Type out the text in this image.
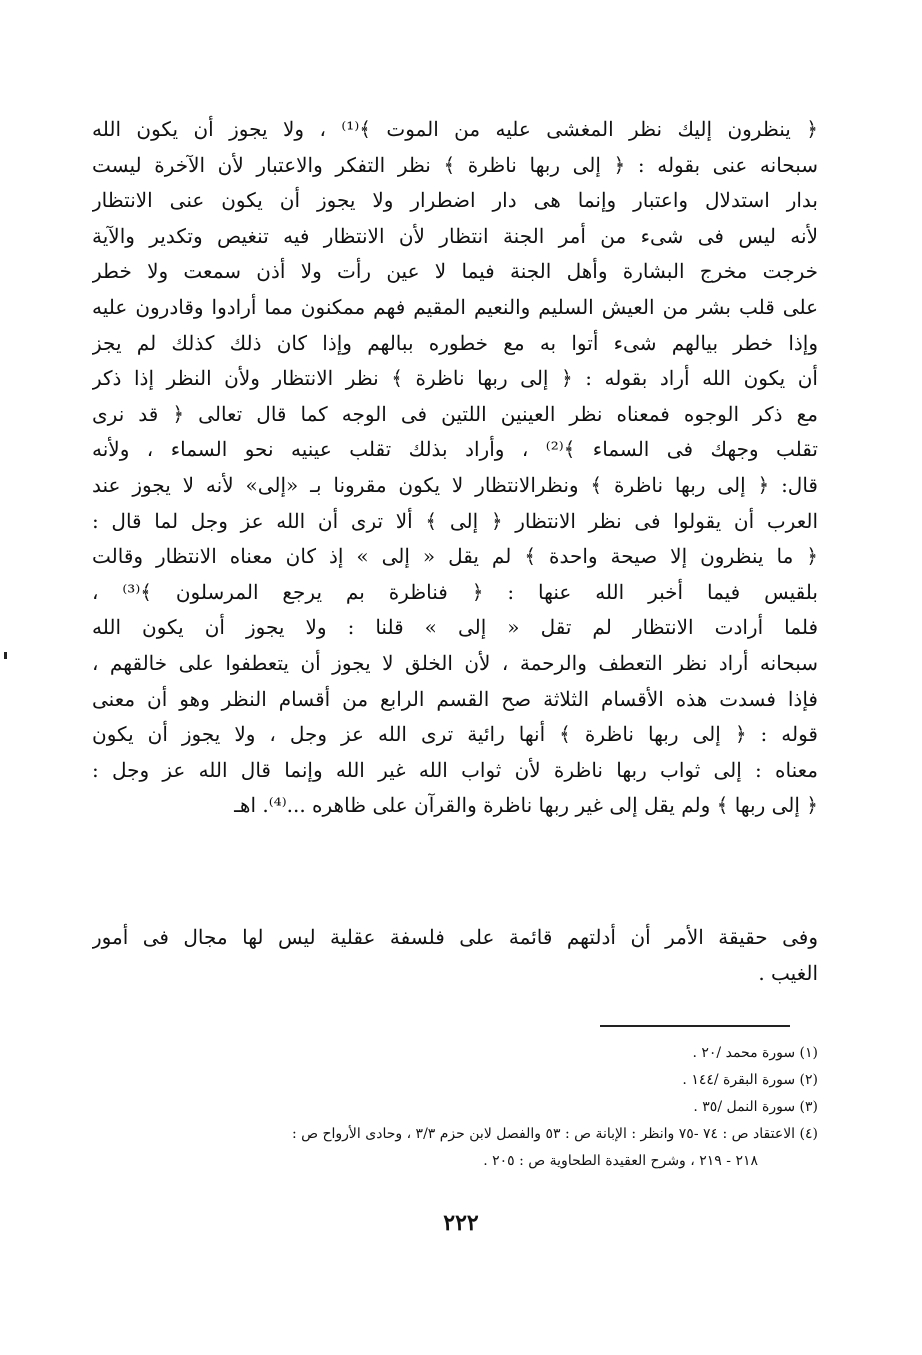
﴿ ينظرون إليك نظر المغشى عليه من الموت ﴾⁽¹⁾ ، ولا يجوز أن يكون الله
سبحانه عنى بقوله : ﴿ إلى ربها ناظرة ﴾ نظر التفكر والاعتبار لأن الآخرة ليست
بدار استدلال واعتبار وإنما هى دار اضطرار ولا يجوز أن يكون عنى الانتظار
لأنه ليس فى شىء من أمر الجنة انتظار لأن الانتظار فيه تنغيص وتكدير والآية
خرجت مخرج البشارة وأهل الجنة فيما لا عين رأت ولا أذن سمعت ولا خطر
على قلب بشر من العيش السليم والنعيم المقيم فهم ممكنون مما أرادوا وقادرون عليه
وإذا خطر بيالهم شىء أتوا به مع خطوره ببالهم وإذا كان ذلك كذلك لم يجز
أن يكون الله أراد بقوله : ﴿ إلى ربها ناظرة ﴾ نظر الانتظار ولأن النظر إذا ذكر
مع ذكر الوجوه فمعناه نظر العينين اللتين فى الوجه كما قال تعالى ﴿ قد نرى
تقلب وجهك فى السماء ﴾⁽²⁾ ، وأراد بذلك تقلب عينيه نحو السماء ، ولأنه
قال: ﴿ إلى ربها ناظرة ﴾ ونظرالانتظار لا يكون مقرونا بـ «إلى» لأنه لا يجوز عند
العرب أن يقولوا فى نظر الانتظار ﴿ إلى ﴾ ألا ترى أن الله عز وجل لما قال :
﴿ ما ينظرون إلا صيحة واحدة ﴾ لم يقل « إلى » إذ كان معناه الانتظار وقالت
بلقيس فيما أخبر الله عنها : ﴿ فناظرة بم يرجع المرسلون ﴾⁽³⁾ ،
فلما أرادت الانتظار لم تقل « إلى » قلنا : ولا يجوز أن يكون الله
سبحانه أراد نظر التعطف والرحمة ، لأن الخلق لا يجوز أن يتعطفوا على خالقهم ،
فإذا فسدت هذه الأقسام الثلاثة صح القسم الرابع من أقسام النظر وهو أن معنى
قوله : ﴿ إلى ربها ناظرة ﴾ أنها رائية ترى الله عز وجل ، ولا يجوز أن يكون
معناه : إلى ثواب ربها ناظرة لأن ثواب الله غير الله وإنما قال الله عز وجل :
﴿ إلى ربها ﴾ ولم يقل إلى غير ربها ناظرة والقرآن على ظاهره ...⁽⁴⁾. اهـ
وفى حقيقة الأمر أن أدلتهم قائمة على فلسفة عقلية ليس لها مجال فى أمور
الغيب .
(١) سورة محمد /٢٠ .
(٢) سورة البقرة /١٤٤ .
(٣) سورة النمل /٣٥ .
(٤) الاعتقاد ص : ٧٤ -٧٥ وانظر : الإبانة ص : ٥٣ والفصل لابن حزم ٣/٣ ، وحادى الأرواح ص :
٢١٨ - ٢١٩ ، وشرح العقيدة الطحاوية ص : ٢٠٥ .
٢٢٢
